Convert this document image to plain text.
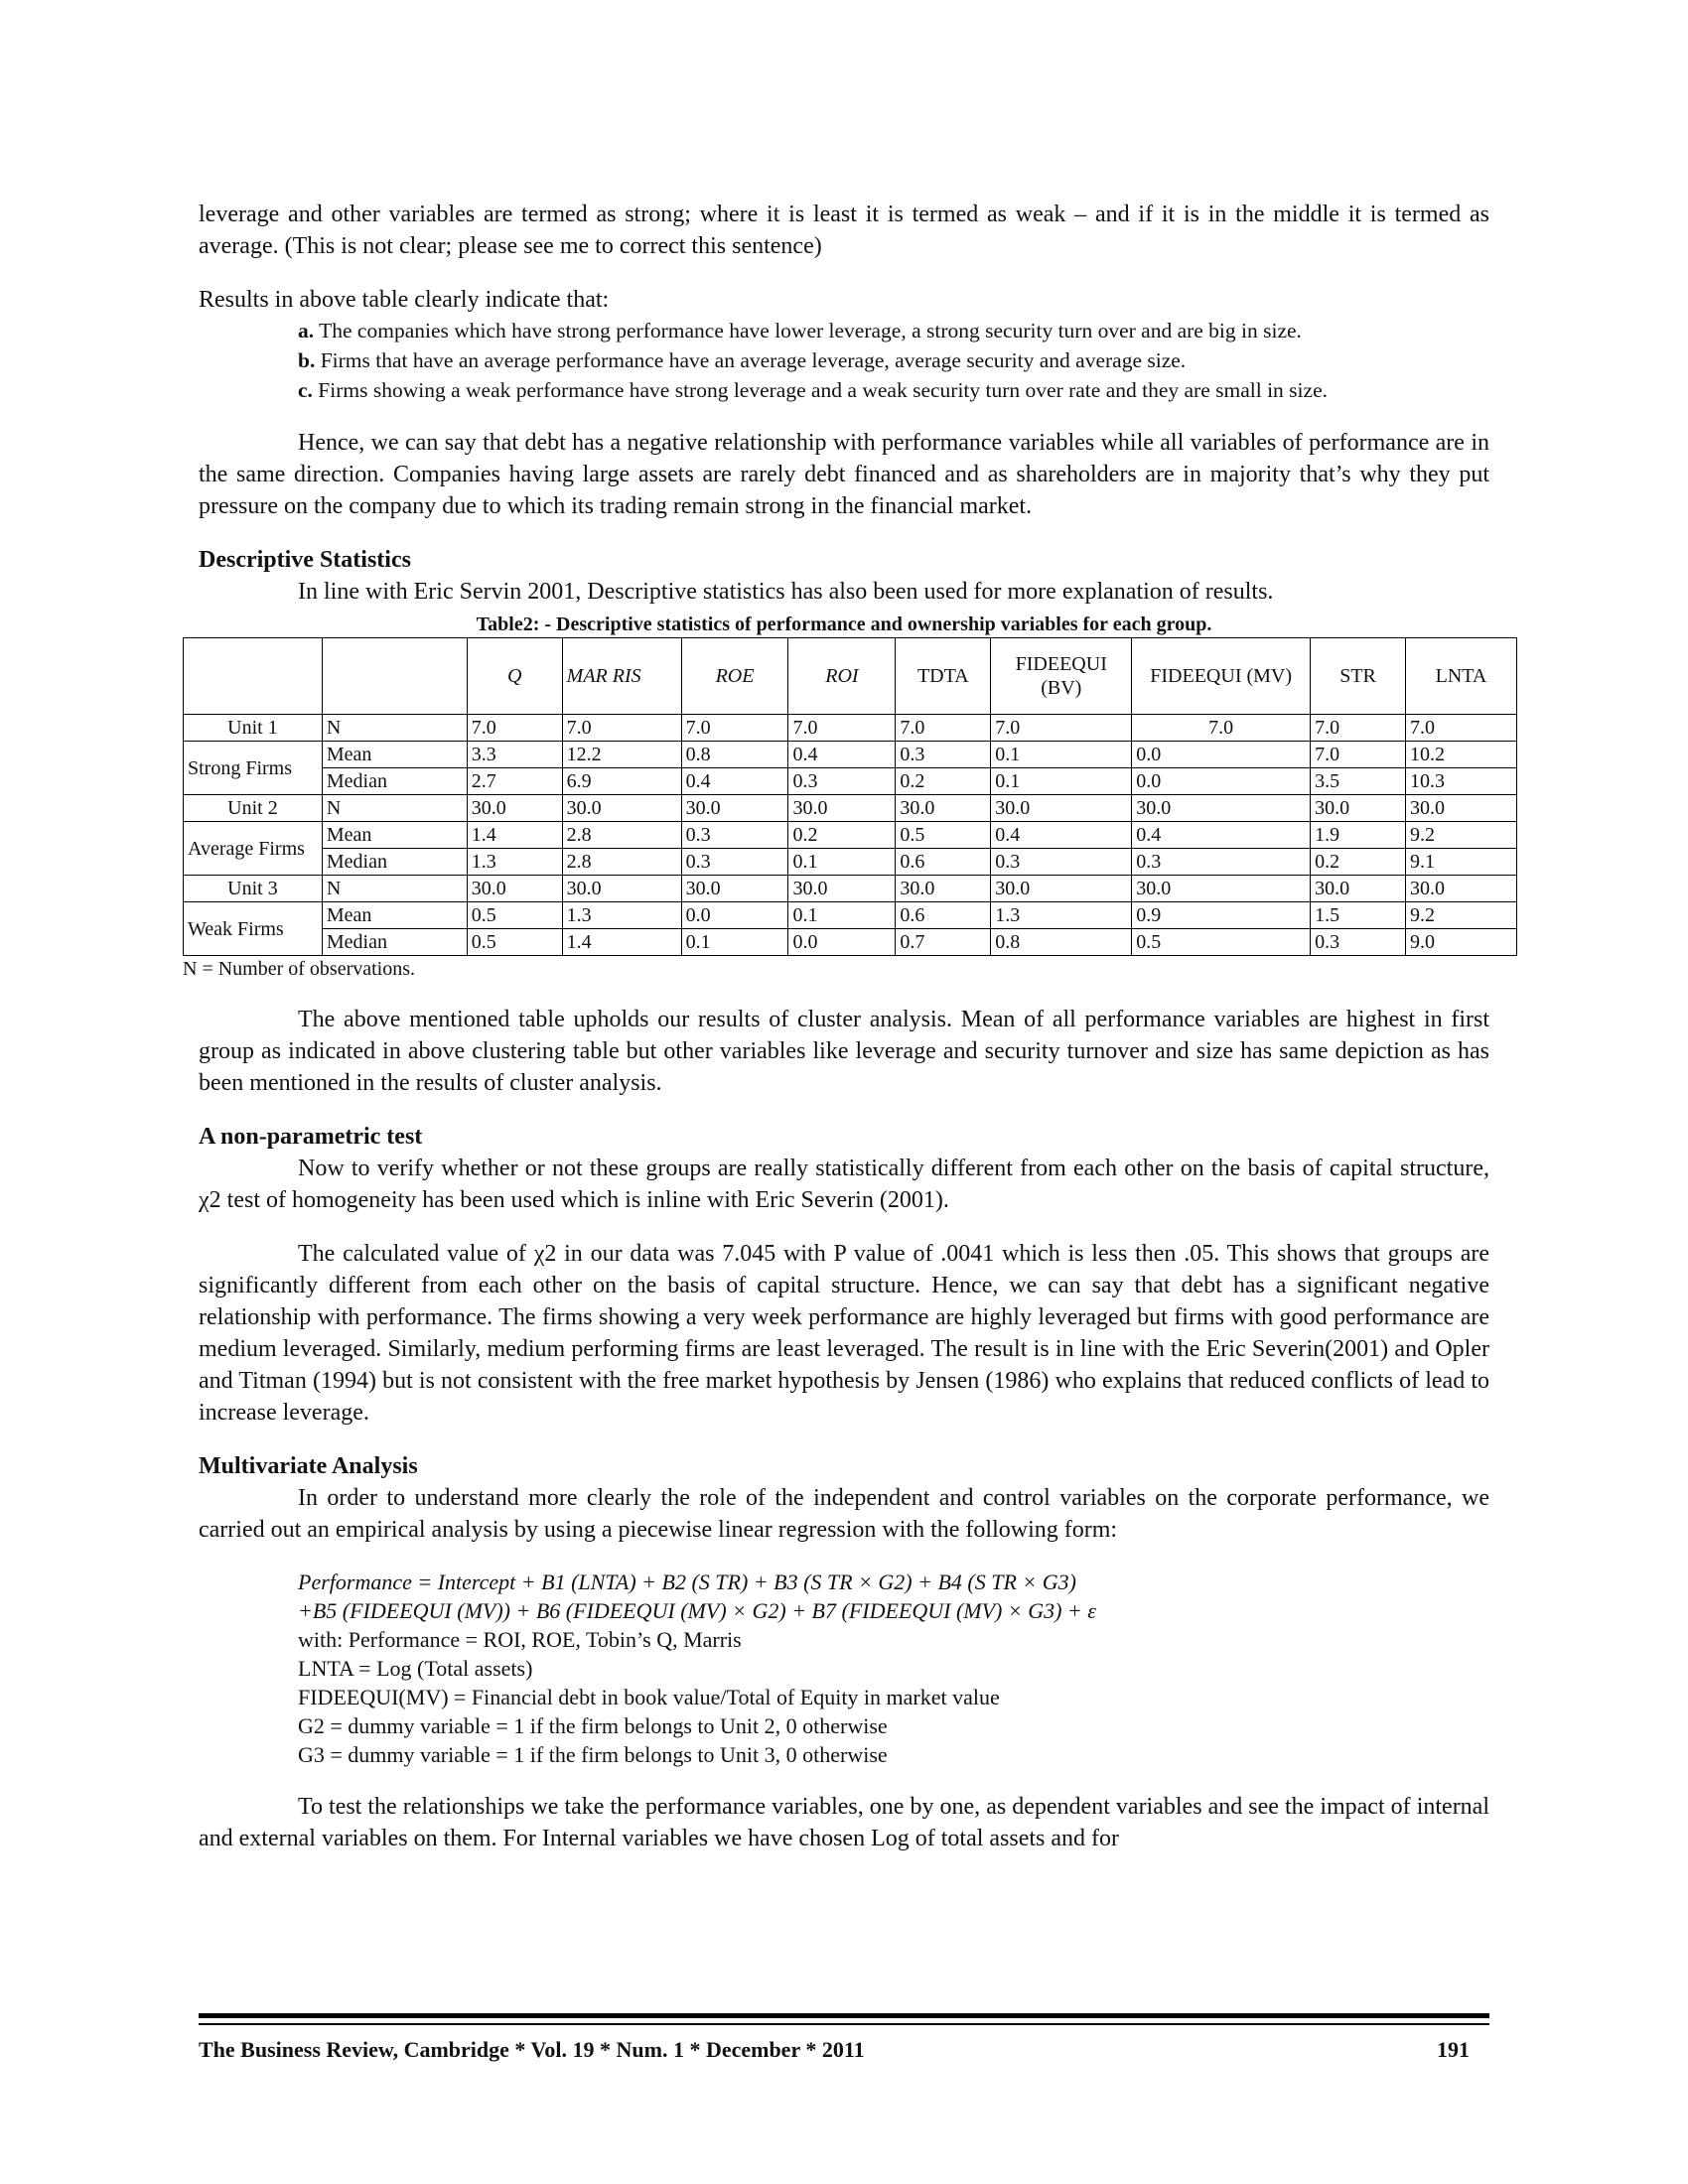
leverage and other variables are termed as strong; where it is least it is termed as weak – and if it is in the middle it is termed as average. (This is not clear; please see me to correct this sentence)

Results in above table clearly indicate that:

a. The companies which have strong performance have lower leverage, a strong security turn over and are big in size.
b. Firms that have an average performance have an average leverage, average security and average size.
c. Firms showing a weak performance have strong leverage and a weak security turn over rate and they are small in size.

Hence, we can say that debt has a negative relationship with performance variables while all variables of performance are in the same direction. Companies having large assets are rarely debt financed and as shareholders are in majority that’s why they put pressure on the company due to which its trading remain strong in the financial market.

Descriptive Statistics

In line with Eric Servin 2001, Descriptive statistics has also been used for more explanation of results.

Table2: - Descriptive statistics of performance and ownership variables for each group.
		Q	MAR RIS	ROE	ROI	TDTA	FIDEEQUI (BV)	FIDEEQUI (MV)	STR	LNTA
Unit 1	N	7.0	7.0	7.0	7.0	7.0	7.0	7.0	7.0	7.0
Strong Firms	Mean	3.3	12.2	0.8	0.4	0.3	0.1	0.0	7.0	10.2
	Median	2.7	6.9	0.4	0.3	0.2	0.1	0.0	3.5	10.3
Unit 2	N	30.0	30.0	30.0	30.0	30.0	30.0	30.0	30.0	30.0
Average Firms	Mean	1.4	2.8	0.3	0.2	0.5	0.4	0.4	1.9	9.2
	Median	1.3	2.8	0.3	0.1	0.6	0.3	0.3	0.2	9.1
Unit 3	N	30.0	30.0	30.0	30.0	30.0	30.0	30.0	30.0	30.0
Weak Firms	Mean	0.5	1.3	0.0	0.1	0.6	1.3	0.9	1.5	9.2
	Median	0.5	1.4	0.1	0.0	0.7	0.8	0.5	0.3	9.0
N = Number of observations.

The above mentioned table upholds our results of cluster analysis. Mean of all performance variables are highest in first group as indicated in above clustering table but other variables like leverage and security turnover and size has same depiction as has been mentioned in the results of cluster analysis.

A non-parametric test

Now to verify whether or not these groups are really statistically different from each other on the basis of capital structure, χ2 test of homogeneity has been used which is inline with Eric Severin (2001).

The calculated value of χ2 in our data was 7.045 with P value of .0041 which is less then .05. This shows that groups are significantly different from each other on the basis of capital structure. Hence, we can say that debt has a significant negative relationship with performance. The firms showing a very week performance are highly leveraged but firms with good performance are medium leveraged. Similarly, medium performing firms are least leveraged. The result is in line with the Eric Severin(2001) and Opler and Titman (1994) but is not consistent with the free market hypothesis by Jensen (1986) who explains that reduced conflicts of lead to increase leverage.

Multivariate Analysis

In order to understand more clearly the role of the independent and control variables on the corporate performance, we carried out an empirical analysis by using a piecewise linear regression with the following form:

Performance = Intercept + B1 (LNTA) + B2 (S TR) + B3 (S TR × G2) + B4 (S TR × G3)
+B5 (FIDEEQUI (MV)) + B6 (FIDEEQUI (MV) × G2) + B7 (FIDEEQUI (MV) × G3) + ε
with: Performance = ROI, ROE, Tobin’s Q, Marris
LNTA = Log (Total assets)
FIDEEQUI(MV) = Financial debt in book value/Total of Equity in market value
G2 = dummy variable = 1 if the firm belongs to Unit 2, 0 otherwise
G3 = dummy variable = 1 if the firm belongs to Unit 3, 0 otherwise

To test the relationships we take the performance variables, one by one, as dependent variables and see the impact of internal and external variables on them. For Internal variables we have chosen Log of total assets and for

The Business Review, Cambridge * Vol. 19 * Num. 1 * December * 2011	191
